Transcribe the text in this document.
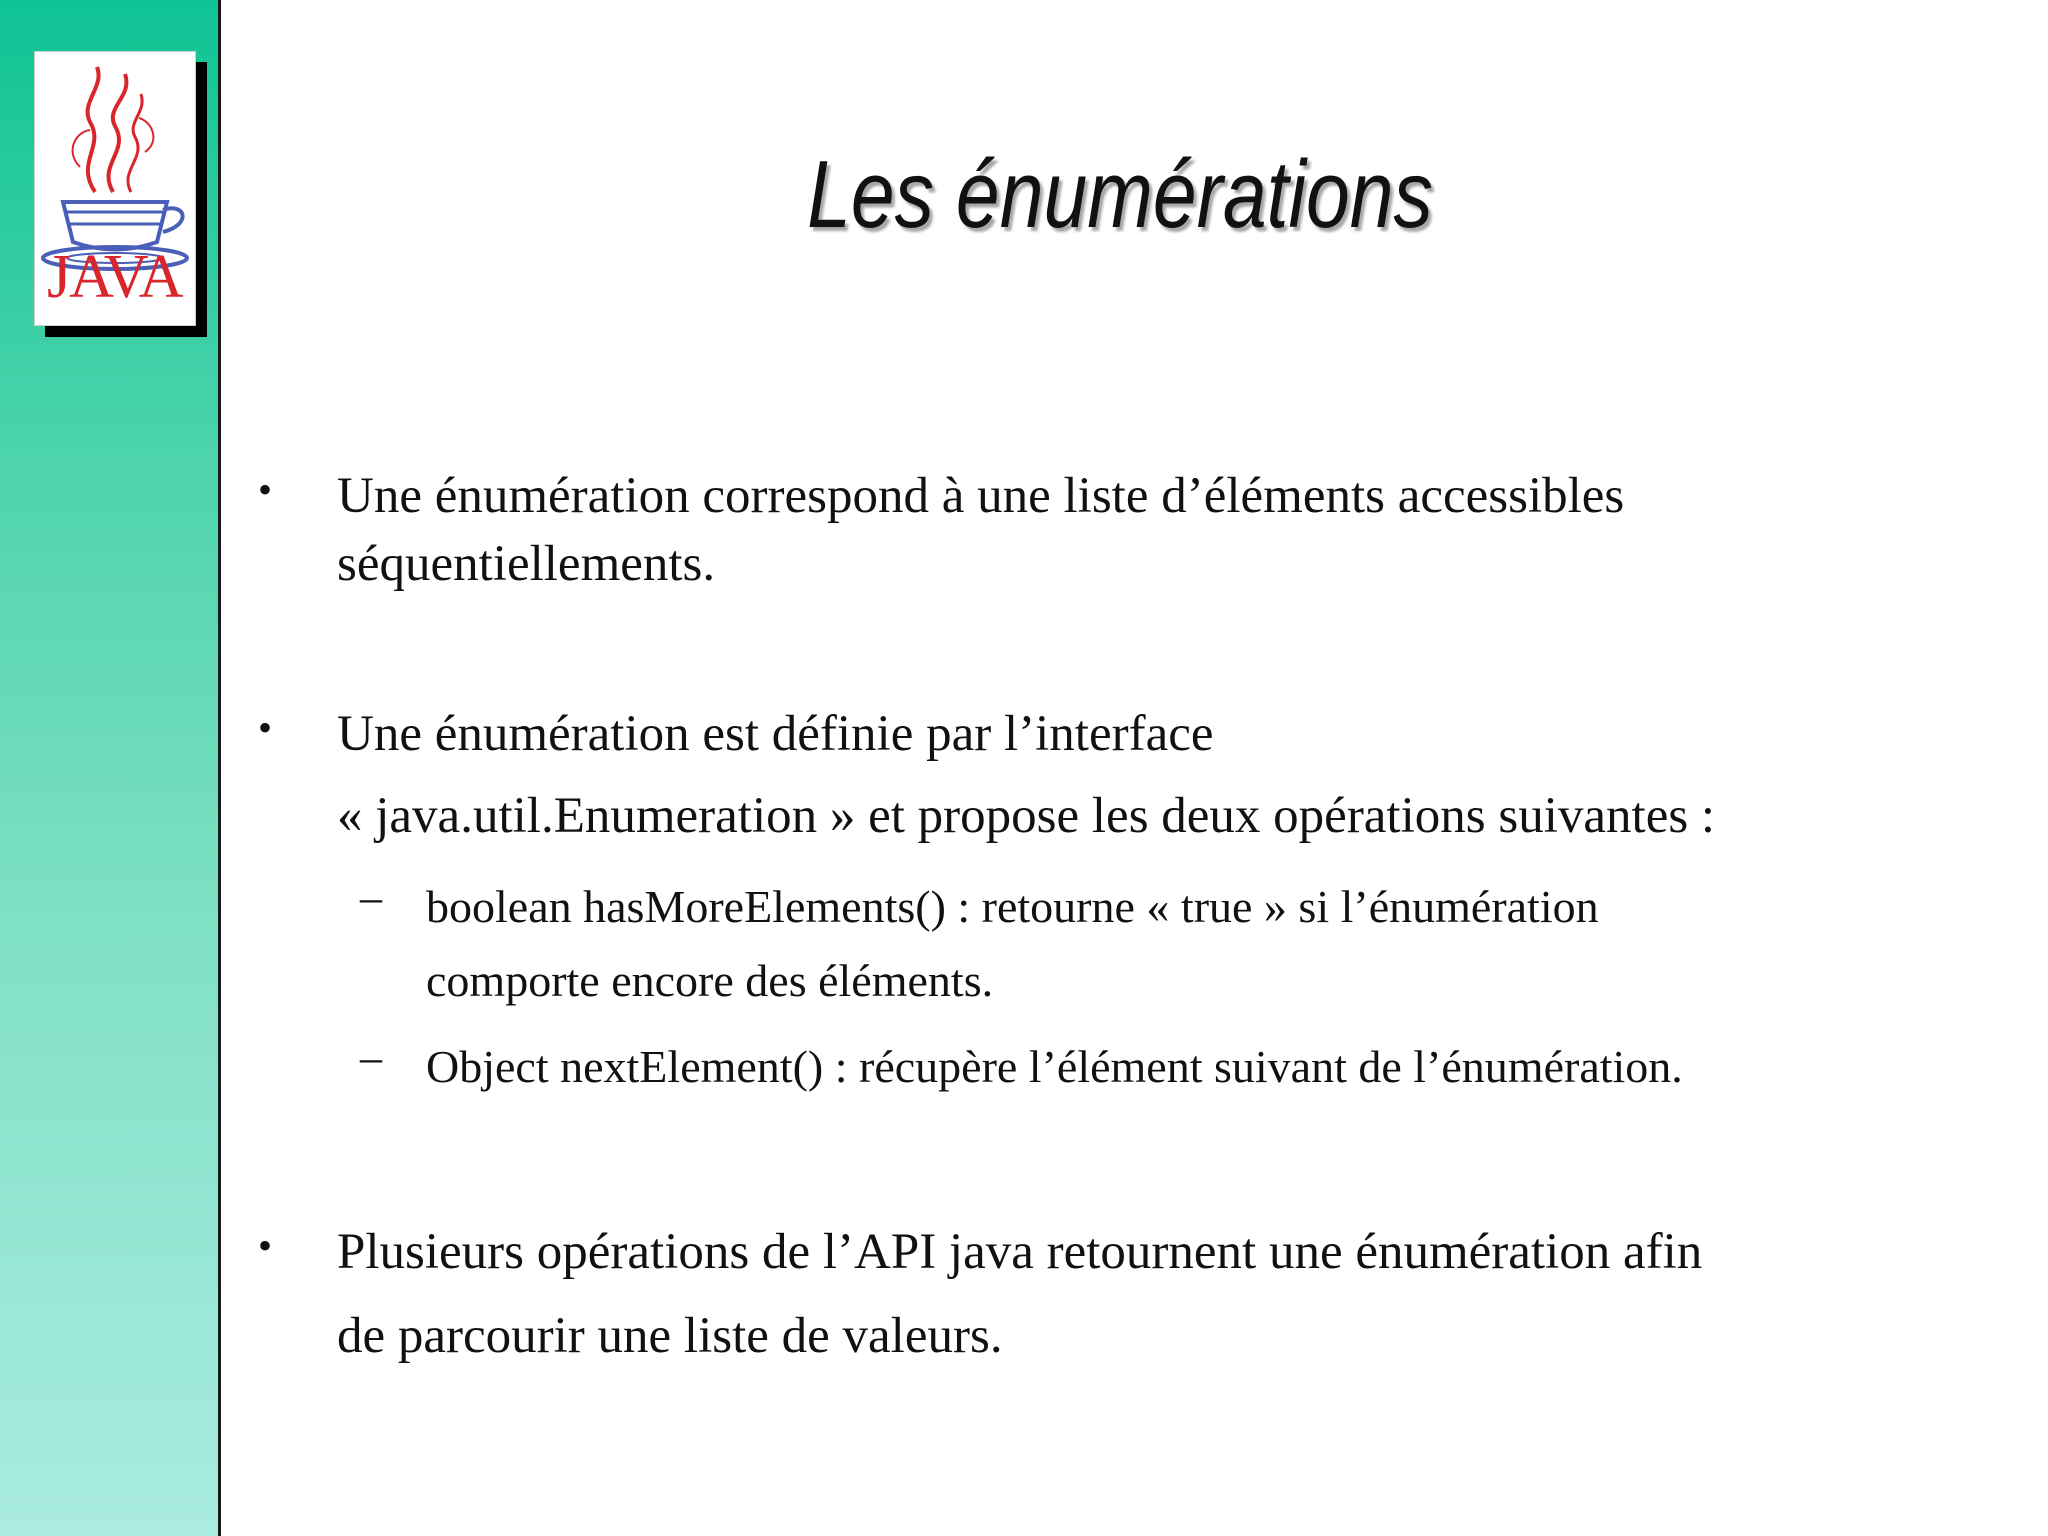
JAVA
Les énumérations
• Une énumération correspond à une liste d’éléments accessibles
séquentiellements.
• Une énumération est définie par l’interface
« java.util.Enumeration » et propose les deux opérations suivantes :
– boolean hasMoreElements() : retourne « true » si l’énumération
comporte encore des éléments.
– Object nextElement() : récupère l’élément suivant de l’énumération.
• Plusieurs opérations de l’API java retournent une énumération afin
de parcourir une liste de valeurs.
